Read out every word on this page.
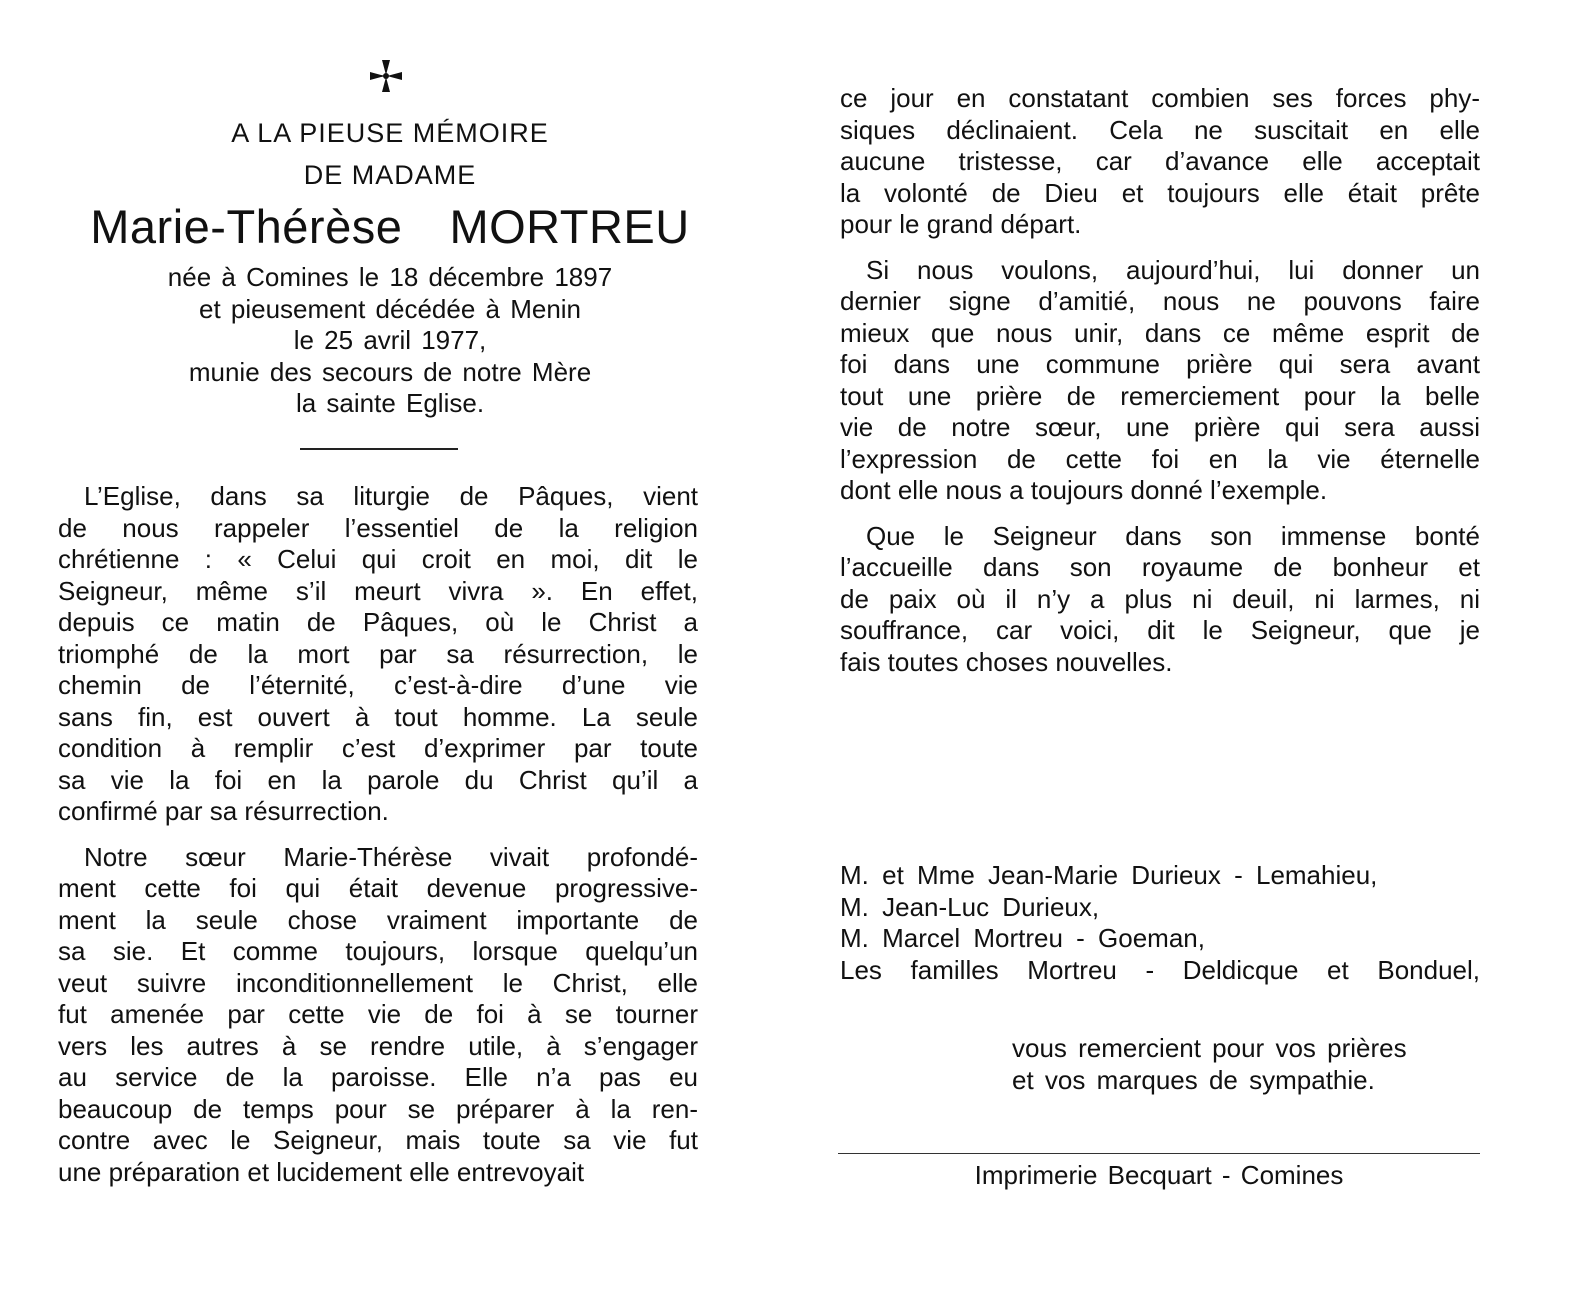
A LA PIEUSE MÉMOIRE
DE MADAME
Marie-Thérèse  MORTREU
née à Comines le 18 décembre 1897
et pieusement décédée à Menin
le 25 avril 1977,
munie des secours de notre Mère
la sainte Eglise.
L’Eglise, dans sa liturgie de Pâques, vient
de nous rappeler l’essentiel de la religion
chrétienne : « Celui qui croit en moi, dit le
Seigneur, même s’il meurt vivra ». En effet,
depuis ce matin de Pâques, où le Christ a
triomphé de la mort par sa résurrection, le
chemin de l’éternité, c’est-à-dire d’une vie
sans fin, est ouvert à tout homme. La seule
condition à remplir c’est d’exprimer par toute
sa vie la foi en la parole du Christ qu’il a
confirmé par sa résurrection.
Notre sœur Marie-Thérèse vivait profondé-
ment cette foi qui était devenue progressive-
ment la seule chose vraiment importante de
sa sie. Et comme toujours, lorsque quelqu’un
veut suivre inconditionnellement le Christ, elle
fut amenée par cette vie de foi à se tourner
vers les autres à se rendre utile, à s’engager
au service de la paroisse. Elle n’a pas eu
beaucoup de temps pour se préparer à la ren-
contre avec le Seigneur, mais toute sa vie fut
une préparation et lucidement elle entrevoyait
ce jour en constatant combien ses forces phy-
siques déclinaient. Cela ne suscitait en elle
aucune tristesse, car d’avance elle acceptait
la volonté de Dieu et toujours elle était prête
pour le grand départ.
Si nous voulons, aujourd’hui, lui donner un
dernier signe d’amitié, nous ne pouvons faire
mieux que nous unir, dans ce même esprit de
foi dans une commune prière qui sera avant
tout une prière de remerciement pour la belle
vie de notre sœur, une prière qui sera aussi
l’expression de cette foi en la vie éternelle
dont elle nous a toujours donné l’exemple.
Que le Seigneur dans son immense bonté
l’accueille dans son royaume de bonheur et
de paix où il n’y a plus ni deuil, ni larmes, ni
souffrance, car voici, dit le Seigneur, que je
fais toutes choses nouvelles.
M. et Mme Jean-Marie Durieux - Lemahieu,
M. Jean-Luc Durieux,
M. Marcel Mortreu - Goeman,
Les familles Mortreu - Deldicque et Bonduel,
vous remercient pour vos prières
et vos marques de sympathie.
Imprimerie Becquart - Comines
